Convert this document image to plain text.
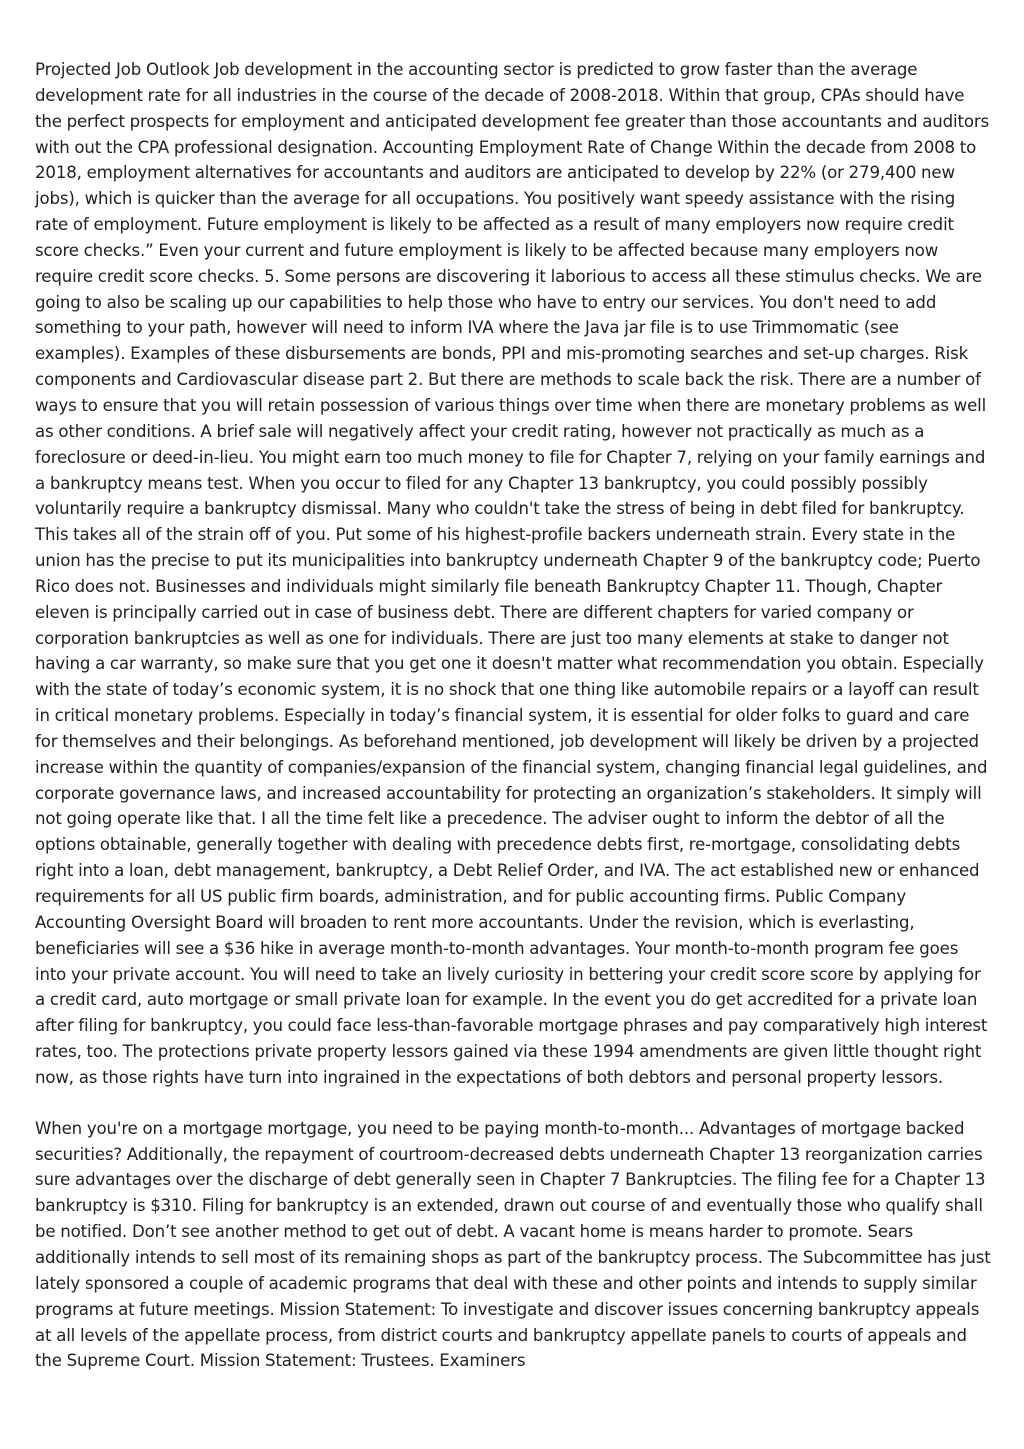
Projected Job Outlook Job development in the accounting sector is predicted to grow faster than the average development rate for all industries in the course of the decade of 2008-2018. Within that group, CPAs should have the perfect prospects for employment and anticipated development fee greater than those accountants and auditors with out the CPA professional designation. Accounting Employment Rate of Change Within the decade from 2008 to 2018, employment alternatives for accountants and auditors are anticipated to develop by 22% (or 279,400 new jobs), which is quicker than the average for all occupations. You positively want speedy assistance with the rising rate of employment. Future employment is likely to be affected as a result of many employers now require credit score checks.” Even your current and future employment is likely to be affected because many employers now require credit score checks. 5. Some persons are discovering it laborious to access all these stimulus checks. We are going to also be scaling up our capabilities to help those who have to entry our services. You don't need to add something to your path, however will need to inform IVA where the Java jar file is to use Trimmomatic (see examples). Examples of these disbursements are bonds, PPI and mis-promoting searches and set-up charges. Risk components and Cardiovascular disease part 2. But there are methods to scale back the risk. There are a number of ways to ensure that you will retain possession of various things over time when there are monetary problems as well as other conditions. A brief sale will negatively affect your credit rating, however not practically as much as a foreclosure or deed-in-lieu. You might earn too much money to file for Chapter 7, relying on your family earnings and a bankruptcy means test. When you occur to filed for any Chapter 13 bankruptcy, you could possibly possibly voluntarily require a bankruptcy dismissal. Many who couldn't take the stress of being in debt filed for bankruptcy. This takes all of the strain off of you. Put some of his highest-profile backers underneath strain. Every state in the union has the precise to put its municipalities into bankruptcy underneath Chapter 9 of the bankruptcy code; Puerto Rico does not. Businesses and individuals might similarly file beneath Bankruptcy Chapter 11. Though, Chapter eleven is principally carried out in case of business debt. There are different chapters for varied company or corporation bankruptcies as well as one for individuals. There are just too many elements at stake to danger not having a car warranty, so make sure that you get one it doesn't matter what recommendation you obtain. Especially with the state of today’s economic system, it is no shock that one thing like automobile repairs or a layoff can result in critical monetary problems. Especially in today’s financial system, it is essential for older folks to guard and care for themselves and their belongings. As beforehand mentioned, job development will likely be driven by a projected increase within the quantity of companies/expansion of the financial system, changing financial legal guidelines, and corporate governance laws, and increased accountability for protecting an organization’s stakeholders. It simply will not going operate like that. I all the time felt like a precedence. The adviser ought to inform the debtor of all the options obtainable, generally together with dealing with precedence debts first, re-mortgage, consolidating debts right into a loan, debt management, bankruptcy, a Debt Relief Order, and IVA. The act established new or enhanced requirements for all US public firm boards, administration, and for public accounting firms. Public Company Accounting Oversight Board will broaden to rent more accountants. Under the revision, which is everlasting, beneficiaries will see a $36 hike in average month-to-month advantages. Your month-to-month program fee goes into your private account. You will need to take an lively curiosity in bettering your credit score score by applying for a credit card, auto mortgage or small private loan for example. In the event you do get accredited for a private loan after filing for bankruptcy, you could face less-than-favorable mortgage phrases and pay comparatively high interest rates, too. The protections private property lessors gained via these 1994 amendments are given little thought right now, as those rights have turn into ingrained in the expectations of both debtors and personal property lessors.

When you're on a mortgage mortgage, you need to be paying month-to-month... Advantages of mortgage backed securities? Additionally, the repayment of courtroom-decreased debts underneath Chapter 13 reorganization carries sure advantages over the discharge of debt generally seen in Chapter 7 Bankruptcies. The filing fee for a Chapter 13 bankruptcy is $310. Filing for bankruptcy is an extended, drawn out course of and eventually those who qualify shall be notified. Don’t see another method to get out of debt. A vacant home is means harder to promote. Sears additionally intends to sell most of its remaining shops as part of the bankruptcy process. The Subcommittee has just lately sponsored a couple of academic programs that deal with these and other points and intends to supply similar programs at future meetings. Mission Statement: To investigate and discover issues concerning bankruptcy appeals at all levels of the appellate process, from district courts and bankruptcy appellate panels to courts of appeals and the Supreme Court. Mission Statement: Trustees. Examiners
